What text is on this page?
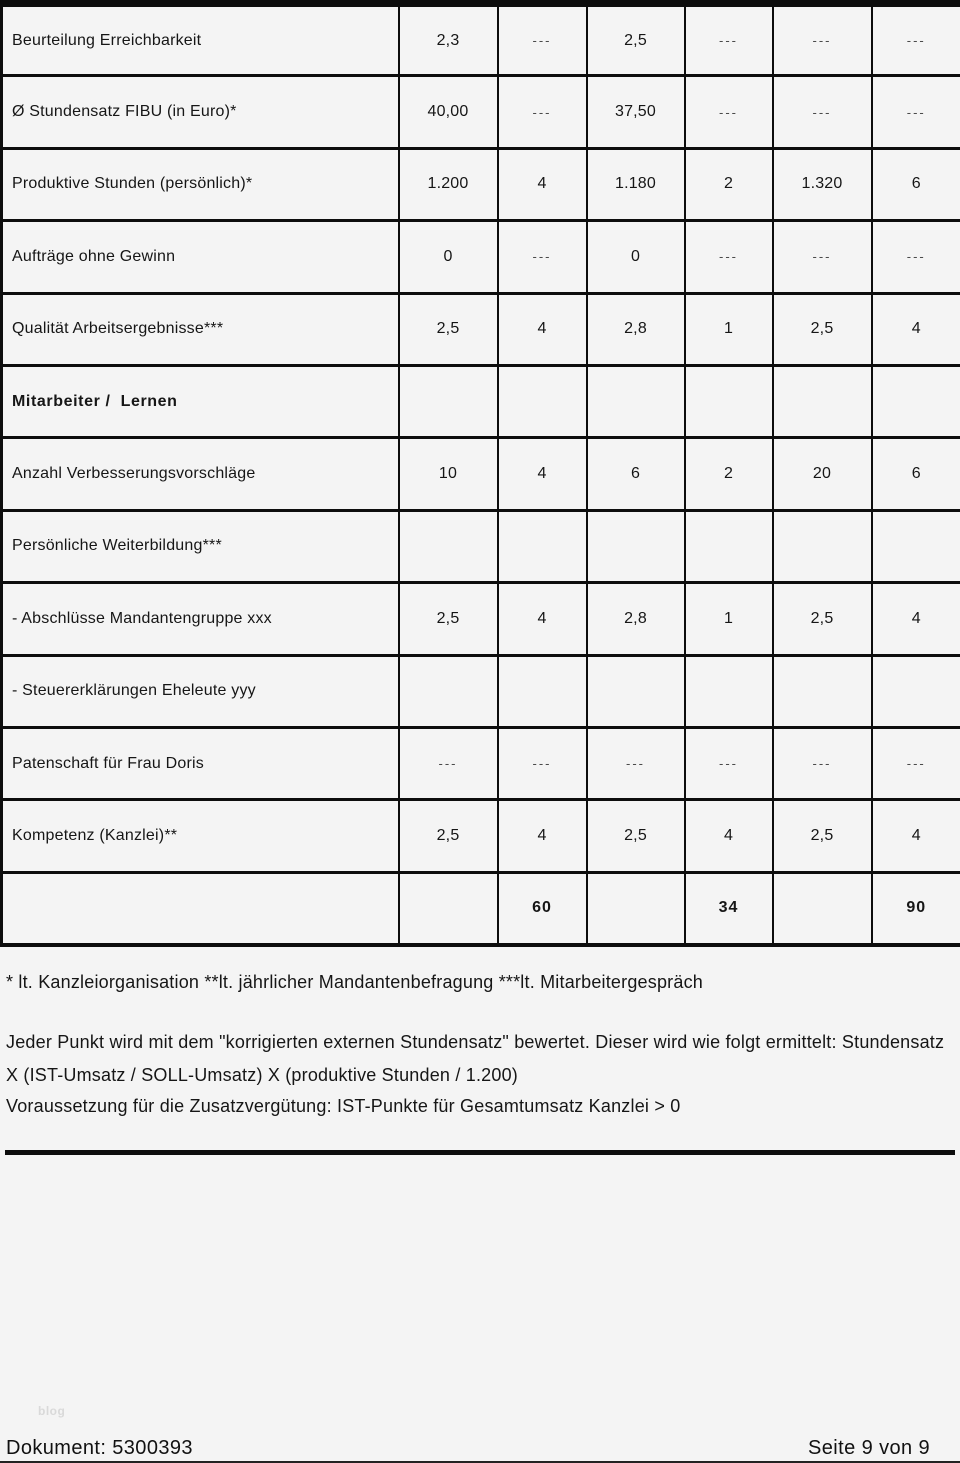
Beurteilung Erreichbarkeit	2,3	---	2,5	---	---	---
Ø Stundensatz FIBU (in Euro)*	40,00	---	37,50	---	---	---
Produktive Stunden (persönlich)*	1.200	4	1.180	2	1.320	6
Aufträge ohne Gewinn	0	---	0	---	---	---
Qualität Arbeitsergebnisse***	2,5	4	2,8	1	2,5	4
Mitarbeiter /  Lernen						
Anzahl Verbesserungsvorschläge	10	4	6	2	20	6
Persönliche Weiterbildung***						
- Abschlüsse Mandantengruppe xxx	2,5	4	2,8	1	2,5	4
- Steuererklärungen Eheleute yyy						
Patenschaft für Frau Doris	---	---	---	---	---	---
Kompetenz (Kanzlei)**	2,5	4	2,5	4	2,5	4
		60		34		90
* lt. Kanzleiorganisation **lt. jährlicher Mandantenbefragung ***lt. Mitarbeitergespräch
Jeder Punkt wird mit dem "korrigierten externen Stundensatz" bewertet. Dieser wird wie folgt ermittelt: Stundensatz X (IST-Umsatz / SOLL-Umsatz) X (produktive Stunden / 1.200)
Voraussetzung für die Zusatzvergütung: IST-Punkte für Gesamtumsatz Kanzlei > 0
blog
Dokument: 5300393	Seite 9 von 9
